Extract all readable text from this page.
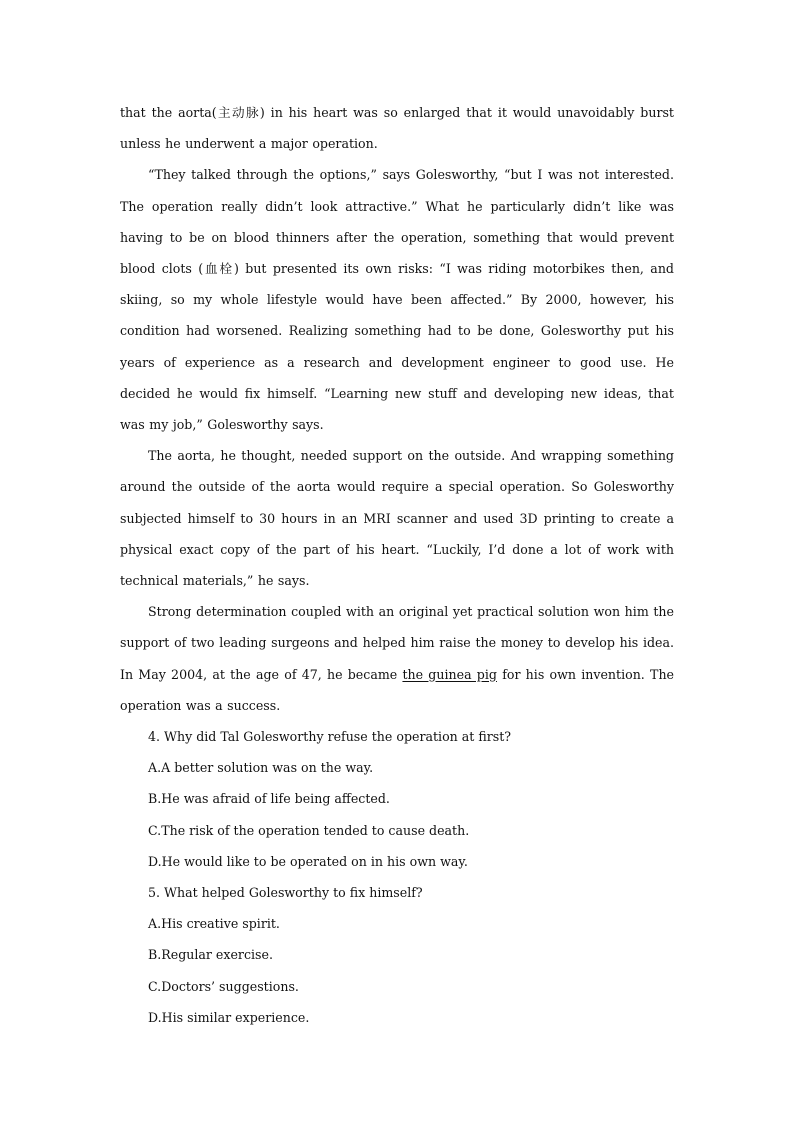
that the aorta(主动脉) in his heart was so enlarged that it would unavoidably burst unless he underwent a major operation.

“They talked through the options,” says Golesworthy, “but I was not interested. The operation really didn’t look attractive.” What he particularly didn’t like was having to be on blood thinners after the operation, something that would prevent blood clots (血栓) but presented its own risks: “I was riding motorbikes then, and skiing, so my whole lifestyle would have been affected.” By 2000, however, his condition had worsened. Realizing something had to be done, Golesworthy put his years of experience as a research and development engineer to good use. He decided he would fix himself. “Learning new stuff and developing new ideas, that was my job,” Golesworthy says.

The aorta, he thought, needed support on the outside. And wrapping something around the outside of the aorta would require a special operation. So Golesworthy subjected himself to 30 hours in an MRI scanner and used 3D printing to create a physical exact copy of the part of his heart. “Luckily, I’d done a lot of work with technical materials,” he says.

Strong determination coupled with an original yet practical solution won him the support of two leading surgeons and helped him raise the money to develop his idea. In May 2004, at the age of 47, he became the guinea pig for his own invention. The operation was a success.

4. Why did Tal Golesworthy refuse the operation at first?

A.A better solution was on the way.

B.He was afraid of life being affected.

C.The risk of the operation tended to cause death.

D.He would like to be operated on in his own way.

5. What helped Golesworthy to fix himself?

A.His creative spirit.

B.Regular exercise.

C.Doctors’ suggestions.

D.His similar experience.
